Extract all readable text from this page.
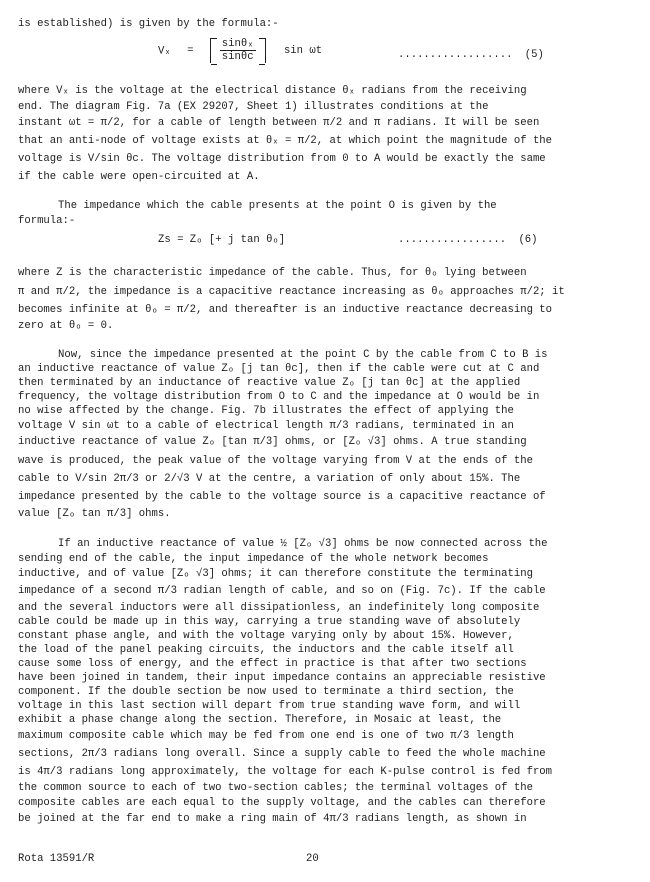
is established) is given by the formula:-
$V_x = \frac{\text{sinθₓ}}{\sin\theta c}$	sin ωt	.................. (5)
where Vₓ is the voltage at the electrical distance θₓ radians from the receiving
end. The diagram Fig. 7a (EX 29207, Sheet 1) illustrates conditions at the
instant ωt = π/2, for a cable of length between π/2 and π radians. It will be seen
that an anti-node of voltage exists at θₓ = π/2, at which point the magnitude of the
voltage is V/sin θc. The voltage distribution from 0 to A would be exactly the same
if the cable were open-circuited at A.
The impedance which the cable presents at the point O is given by the
formula:-
Zs = Zₒ [+ j tan θₒ]	................. (6)
where Z is the characteristic impedance of the cable. Thus, for θₒ lying between
π and π/2, the impedance is a capacitive reactance increasing as θₒ approaches π/2; it
becomes infinite at θₒ = π/2, and thereafter is an inductive reactance decreasing to
zero at θₒ = 0.
Now, since the impedance presented at the point C by the cable from C to B is
an inductive reactance of value Zₒ [j tan θc], then if the cable were cut at C and
then terminated by an inductance of reactive value Zₒ [j tan θc] at the applied
frequency, the voltage distribution from O to C and the impedance at O would be in
no wise affected by the change. Fig. 7b illustrates the effect of applying the
voltage V sin ωt to a cable of electrical length π/3 radians, terminated in an
inductive reactance of value Zₒ [tan π/3] ohms, or [Zₒ √3] ohms. A true standing
wave is produced, the peak value of the voltage varying from V at the ends of the
cable to V/sin 2π/3 or 2/√3 V at the centre, a variation of only about 15%. The
impedance presented by the cable to the voltage source is a capacitive reactance of
value [Zₒ tan π/3] ohms.
If an inductive reactance of value ½ [Zₒ √3] ohms be now connected across the
sending end of the cable, the input impedance of the whole network becomes
inductive, and of value [Zₒ √3] ohms; it can therefore constitute the terminating
impedance of a second π/3 radian length of cable, and so on (Fig. 7c). If the cable
and the several inductors were all dissipationless, an indefinitely long composite
cable could be made up in this way, carrying a true standing wave of absolutely
constant phase angle, and with the voltage varying only by about 15%. However,
the load of the panel peaking circuits, the inductors and the cable itself all
cause some loss of energy, and the effect in practice is that after two sections
have been joined in tandem, their input impedance contains an appreciable resistive
component. If the double section be now used to terminate a third section, the
voltage in this last section will depart from true standing wave form, and will
exhibit a phase change along the section. Therefore, in Mosaic at least, the
maximum composite cable which may be fed from one end is one of two π/3 length
sections, 2π/3 radians long overall. Since a supply cable to feed the whole machine
is 4π/3 radians long approximately, the voltage for each K-pulse control is fed from
the common source to each of two two-section cables; the terminal voltages of the
composite cables are each equal to the supply voltage, and the cables can therefore
be joined at the far end to make a ring main of 4π/3 radians length, as shown in
Rota 13591/R	20
